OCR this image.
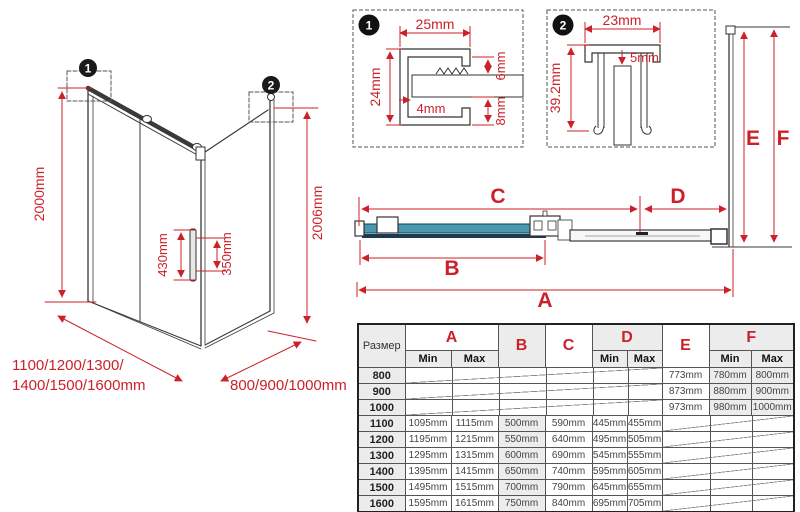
1
2
2000mm	2006mm
430mm	350mm
1100/1200/1300/
1400/1500/1600mm	800/900/1000mm
1	25mm
24mm
4mm
6mm
8mm
2	23mm
5mm
39.2mm
C	D
B
A
E F
Размер	A		B	C	D		E	F	
	Min	Max			Min	Max		Min	Max
800							773mm	780mm	800mm
900							873mm	880mm	900mm
1000							973mm	980mm	1000mm
1100	1095mm	1115mm	500mm	590mm	445mm	455mm			

1200	1195mm	1215mm	550mm	640mm	495mm	505mm			

1300	1295mm	1315mm	600mm	690mm	545mm	555mm			

1400	1395mm	1415mm	650mm	740mm	595mm	605mm			

1500	1495mm	1515mm	700mm	790mm	645mm	655mm			

1600	1595mm	1615mm	750mm	840mm	695mm	705mm			
